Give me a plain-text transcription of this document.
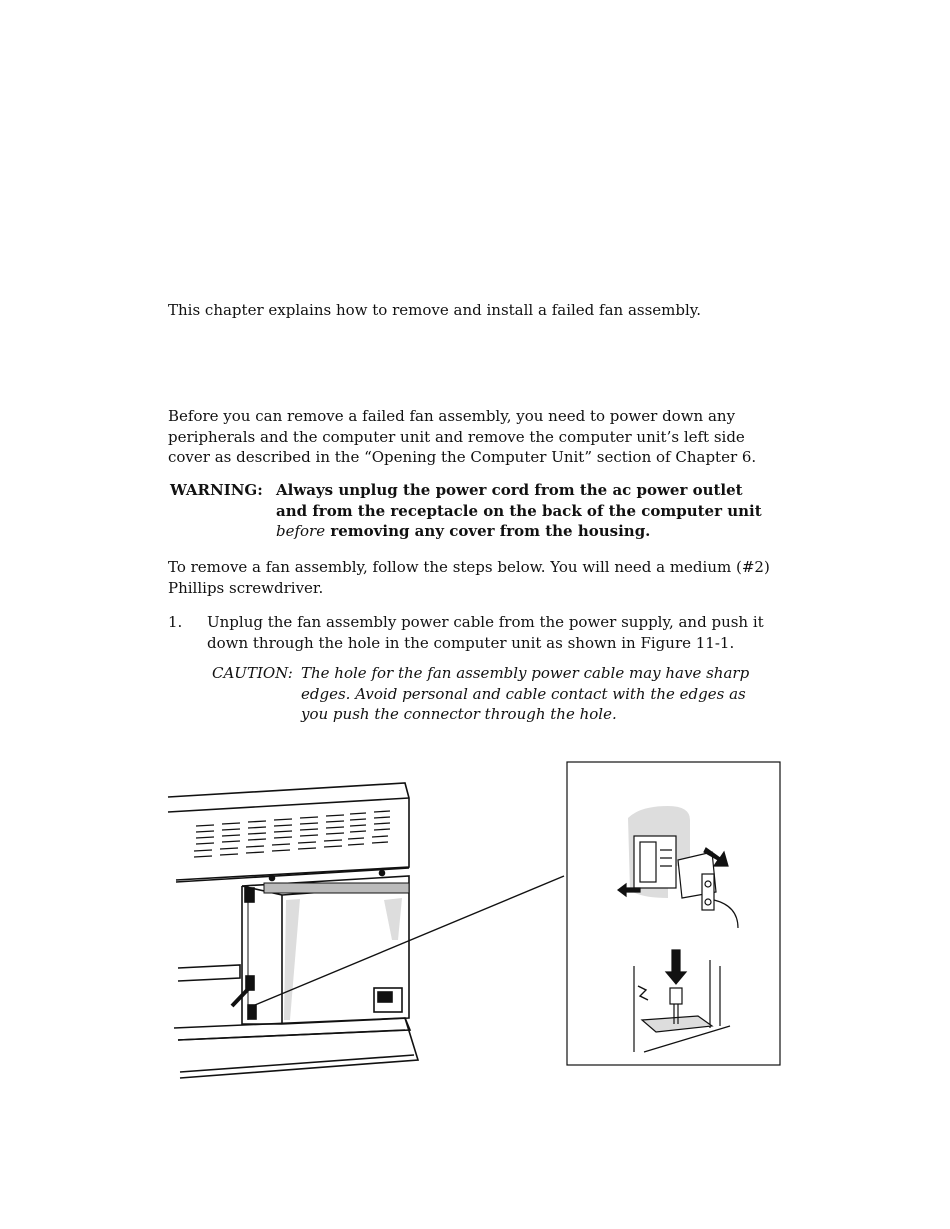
This chapter explains how to remove and install a failed fan assembly.

Before you can remove a failed fan assembly, you need to power down any peripherals and the computer unit and remove the computer unit’s left side cover as described in the “Opening the Computer Unit” section of Chapter 6.

WARNING: Always unplug the power cord from the ac power outlet and from the receptacle on the back of the computer unit before removing any cover from the housing.

To remove a fan assembly, follow the steps below. You will need a medium (#2) Phillips screwdriver.

1. Unplug the fan assembly power cable from the power supply, and push it down through the hole in the computer unit as shown in Figure 11-1.
CAUTION: The hole for the fan assembly power cable may have sharp edges. Avoid personal and cable contact with the edges as you push the connector through the hole.
